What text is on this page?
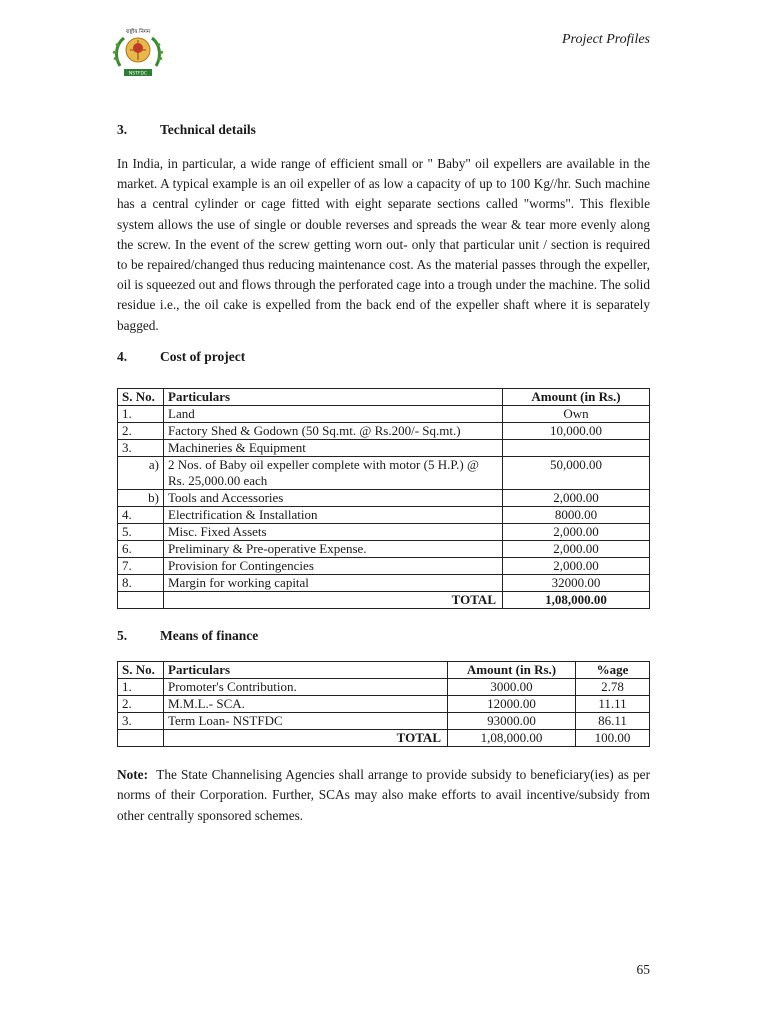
राष्ट्रीय निगम
NSTFDC
Project Profiles
3.	Technical details

In India, in particular, a wide range of efficient small or " Baby" oil expellers are available in the market. A typical example is an oil expeller of as low a capacity of up to 100 Kg//hr. Such machine has a central cylinder or cage fitted with eight separate sections called "worms". This flexible system allows the use of single or double reverses and spreads the wear & tear more evenly along the screw. In the event of the screw getting worn out- only that particular unit / section is required to be repaired/changed thus reducing maintenance cost. As the material passes through the expeller, oil is squeezed out and flows through the perforated cage into a trough under the machine. The solid residue i.e., the oil cake is expelled from the back end of the expeller shaft where it is separately bagged.

4.	Cost of project
S. No.	Particulars	Amount (in Rs.)
1.	Land	Own
2.	Factory Shed & Godown (50 Sq.mt. @ Rs.200/- Sq.mt.)	10,000.00
3.	Machineries & Equipment	
a)	2 Nos. of Baby oil expeller complete with motor (5 H.P.) @ Rs. 25,000.00 each	50,000.00
b)	Tools and Accessories	2,000.00
4.	Electrification & Installation	8000.00
5.	Misc. Fixed Assets	2,000.00
6.	Preliminary & Pre-operative Expense.	2,000.00
7.	Provision for Contingencies	2,000.00
8.	Margin for working capital	32000.00
	TOTAL	1,08,000.00
5.	Means of finance
S. No.	Particulars	Amount (in Rs.)	%age
1.	Promoter's Contribution.	3000.00	2.78
2.	M.M.L.- SCA.	12000.00	11.11
3.	Term Loan- NSTFDC	93000.00	86.11
	TOTAL	1,08,000.00	100.00

Note: The State Channelising Agencies shall arrange to provide subsidy to beneficiary(ies) as per norms of their Corporation. Further, SCAs may also make efforts to avail incentive/subsidy from other centrally sponsored schemes.

65
